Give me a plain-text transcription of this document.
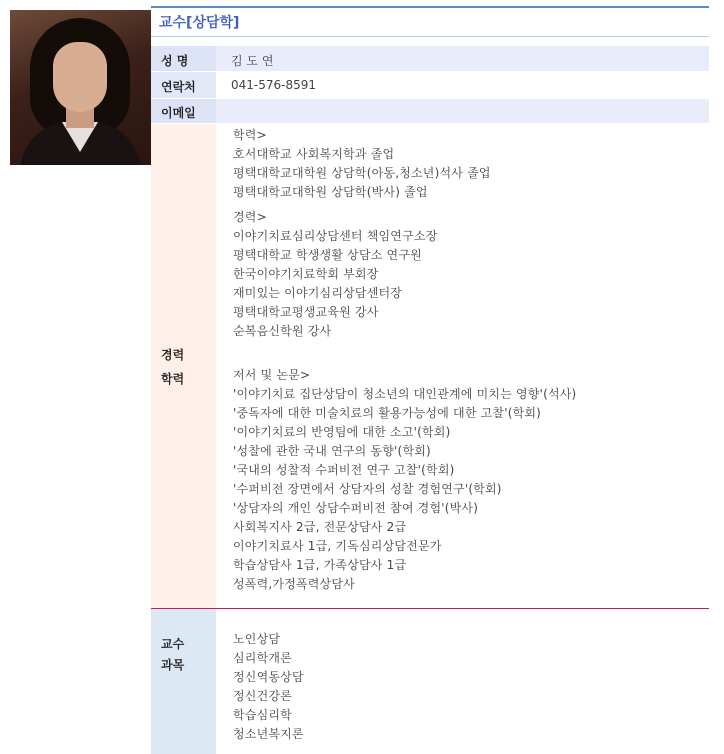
교수[상담학]
성 명	김 도 연
연락처	041-576-8591
이메일
경력
학력
학력>
호서대학교 사회복지학과 졸업
평택대학교대학원 상담학(아동,청소년)석사 졸업
평택대학교대학원 상담학(박사) 졸업
경력>
이야기치료심리상담센터 책임연구소장
평택대학교 학생생활 상담소 연구원
한국이야기치료학회 부회장
재미있는 이야기심리상담센터장
평택대학교평생교육원 강사
순복음신학원 강사
저서 및 논문>
'이야기치료 집단상담이 청소년의 대인관계에 미치는 영향'(석사)
'중독자에 대한 미술치료의 활용가능성에 대한 고찰'(학회)
'이야기치료의 반영팀에 대한 소고'(학회)
'성찰에 관한 국내 연구의 동향'(학회)
'국내의 성찰적 수퍼비전 연구 고찰'(학회)
'수퍼비전 장면에서 상담자의 성찰 경험연구'(학회)
'상담자의 개인 상담수퍼비전 참여 경험'(박사)
사회복지사 2급, 전문상담사 2급
이야기치료사 1급, 기독심리상담전문가
학습상담사 1급, 가족상담사 1급
성폭력,가정폭력상담사
교수
과목
노인상담
심리학개론
정신역동상담
정신건강론
학습심리학
청소년복지론
